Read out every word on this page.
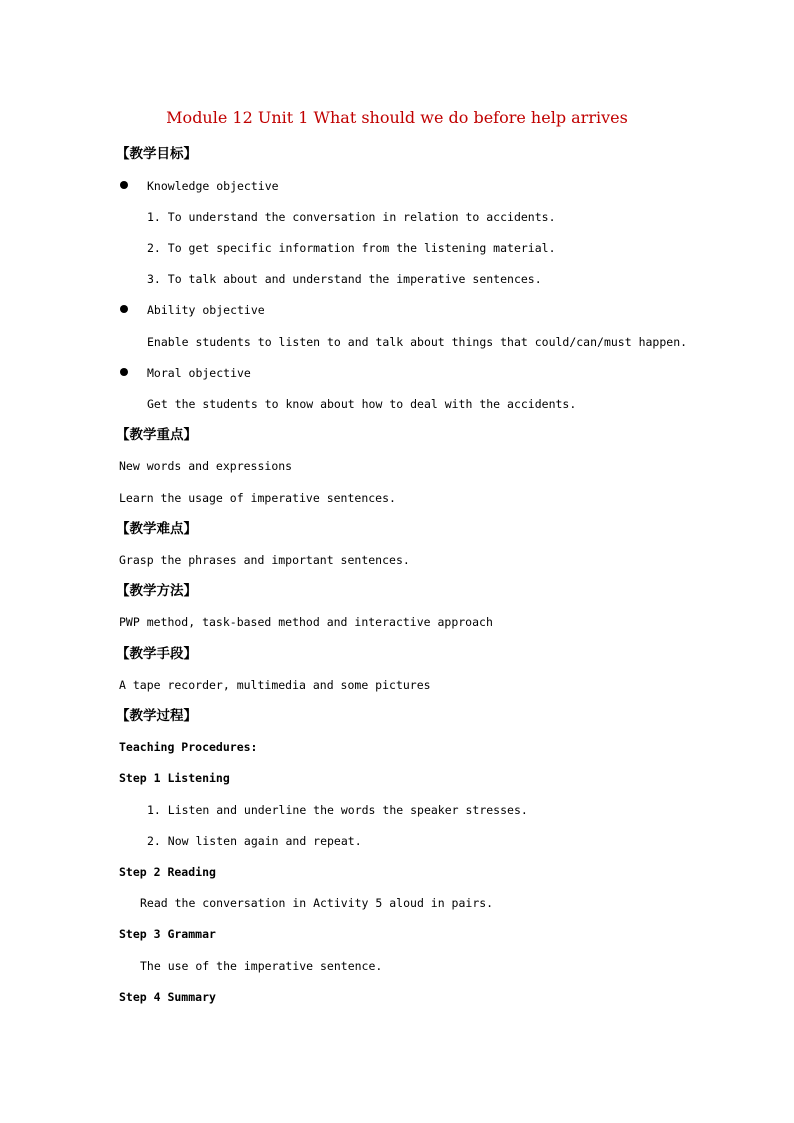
Module 12 Unit 1 What should we do before help arrives
【教学目标】
Knowledge objective
1. To understand the conversation in relation to accidents.
2. To get specific information from the listening material.
3. To talk about and understand the imperative sentences.
Ability objective
Enable students to listen to and talk about things that could/can/must happen.
Moral objective
Get the students to know about how to deal with the accidents.
【教学重点】
New words and expressions
Learn the usage of imperative sentences.
【教学难点】
Grasp the phrases and important sentences.
【教学方法】
PWP method, task-based method and interactive approach
【教学手段】
A tape recorder, multimedia and some pictures
【教学过程】
Teaching Procedures:
Step 1 Listening
1. Listen and underline the words the speaker stresses.
2. Now listen again and repeat.
Step 2 Reading
Read the conversation in Activity 5 aloud in pairs.
Step 3 Grammar
The use of the imperative sentence.
Step 4 Summary
